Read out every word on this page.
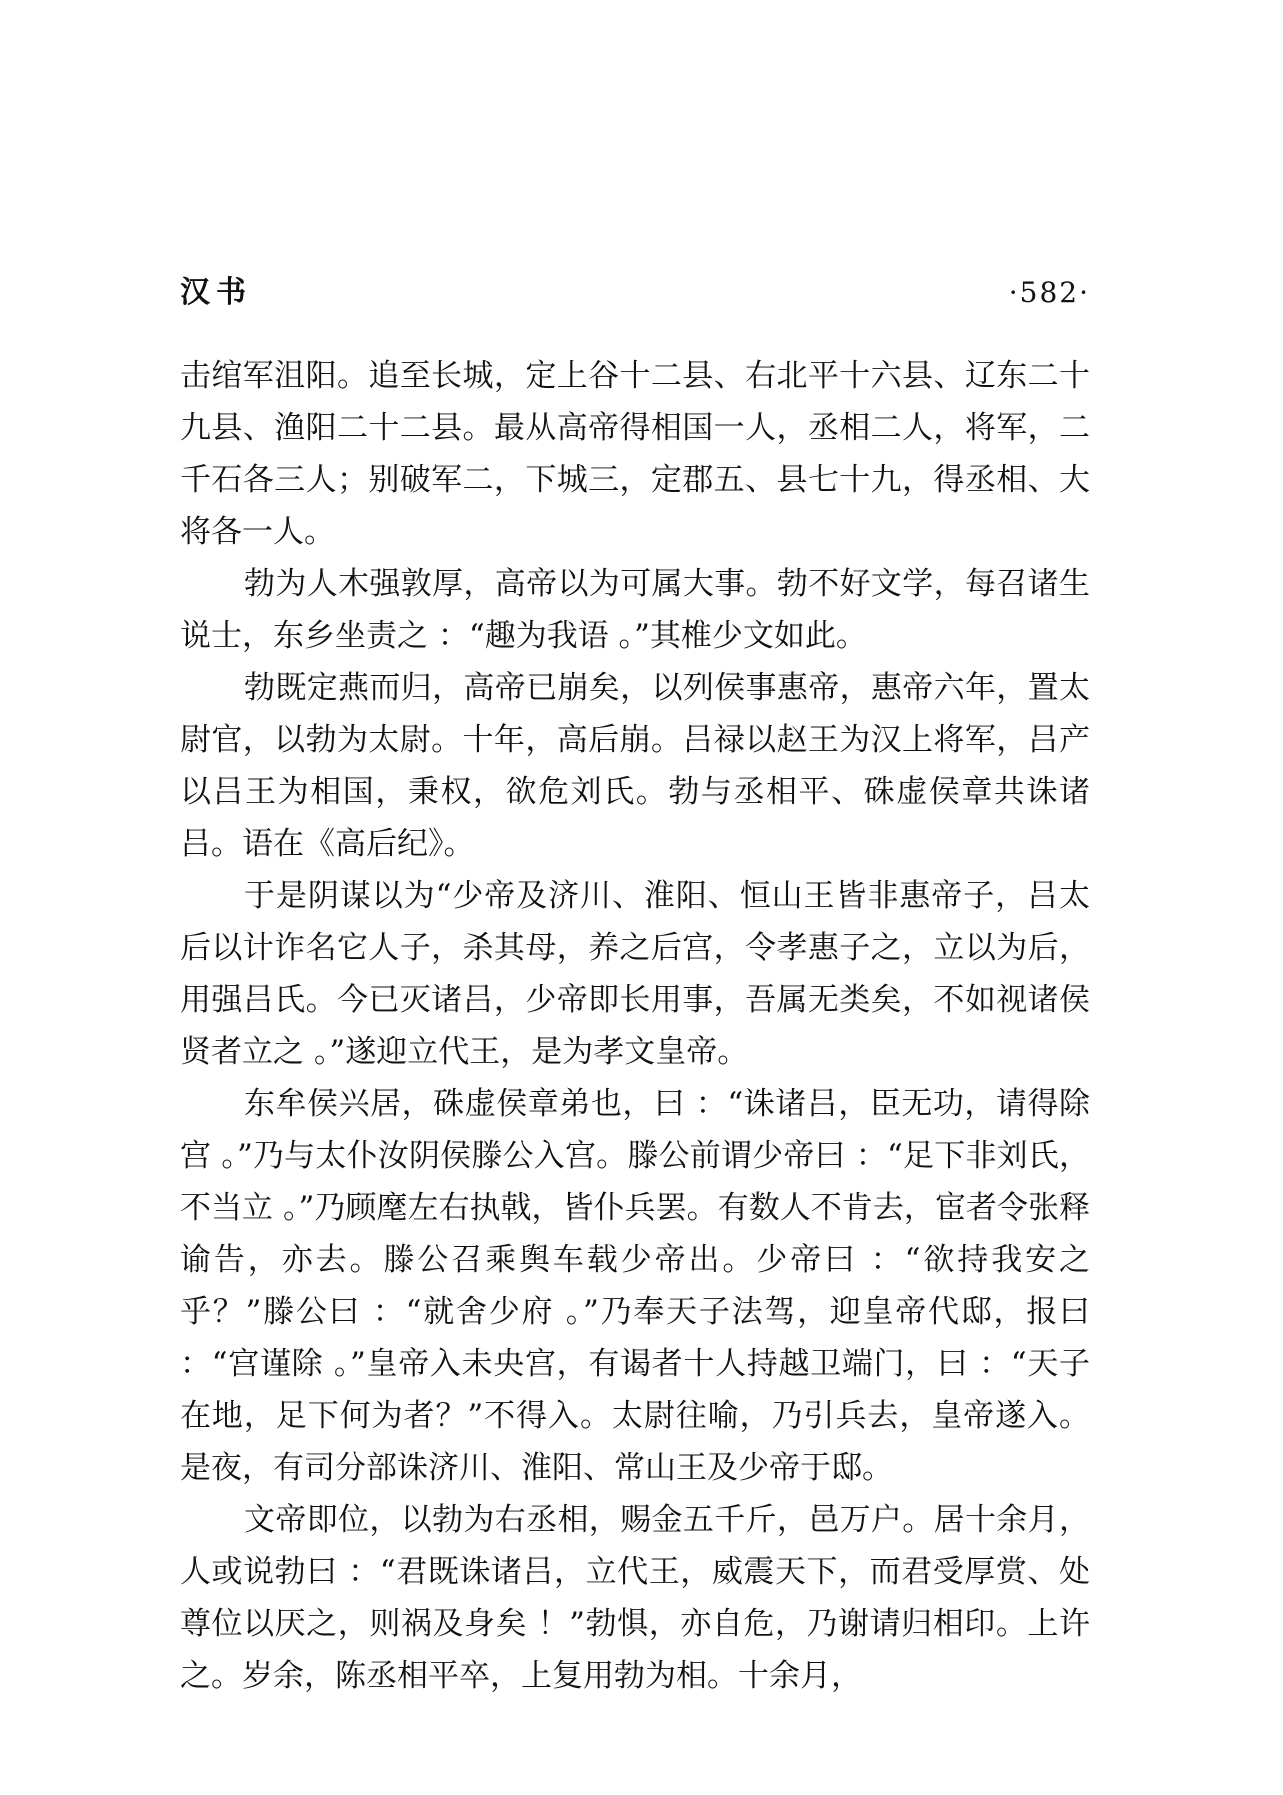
汉书	·582·

击绾军沮阳。追至长城，定上谷十二县、右北平十六县、辽东二十九县、渔阳二十二县。最从高帝得相国一人，丞相二人，将军，二千石各三人；别破军二，下城三，定郡五、县七十九，得丞相、大将各一人。

勃为人木强敦厚，高帝以为可属大事。勃不好文学，每召诸生说士，东乡坐责之 ：“趣为我语 。”其椎少文如此。

勃既定燕而归，高帝已崩矣，以列侯事惠帝，惠帝六年，置太尉官，以勃为太尉。十年，高后崩。吕禄以赵王为汉上将军，吕产以吕王为相国，秉权，欲危刘氏。勃与丞相平、硃虚侯章共诛诸吕。语在《高后纪》。

于是阴谋以为“少帝及济川、淮阳、恒山王皆非惠帝子，吕太后以计诈名它人子，杀其母，养之后宫，令孝惠子之，立以为后，用强吕氏。今已灭诸吕，少帝即长用事，吾属无类矣，不如视诸侯贤者立之 。”遂迎立代王，是为孝文皇帝。

东牟侯兴居，硃虚侯章弟也，曰 ：“诛诸吕，臣无功，请得除宫 。”乃与太仆汝阴侯滕公入宫。滕公前谓少帝曰 ：“足下非刘氏，不当立 。”乃顾麾左右执戟，皆仆兵罢。有数人不肯去，宦者令张释谕告，亦去。滕公召乘舆车载少帝出。少帝曰 ：“欲持我安之乎？”滕公曰 ：“就舍少府 。”乃奉天子法驾，迎皇帝代邸，报曰 ：“宫谨除 。”皇帝入未央宫，有谒者十人持越卫端门，曰 ：“天子在地，足下何为者？”不得入。太尉往喻，乃引兵去，皇帝遂入。是夜，有司分部诛济川、淮阳、常山王及少帝于邸。

文帝即位，以勃为右丞相，赐金五千斤，邑万户。居十余月，人或说勃曰 ：“君既诛诸吕，立代王，威震天下，而君受厚赏、处尊位以厌之，则祸及身矣 ！”勃惧，亦自危，乃谢请归相印。上许之。岁余，陈丞相平卒，上复用勃为相。十余月，
